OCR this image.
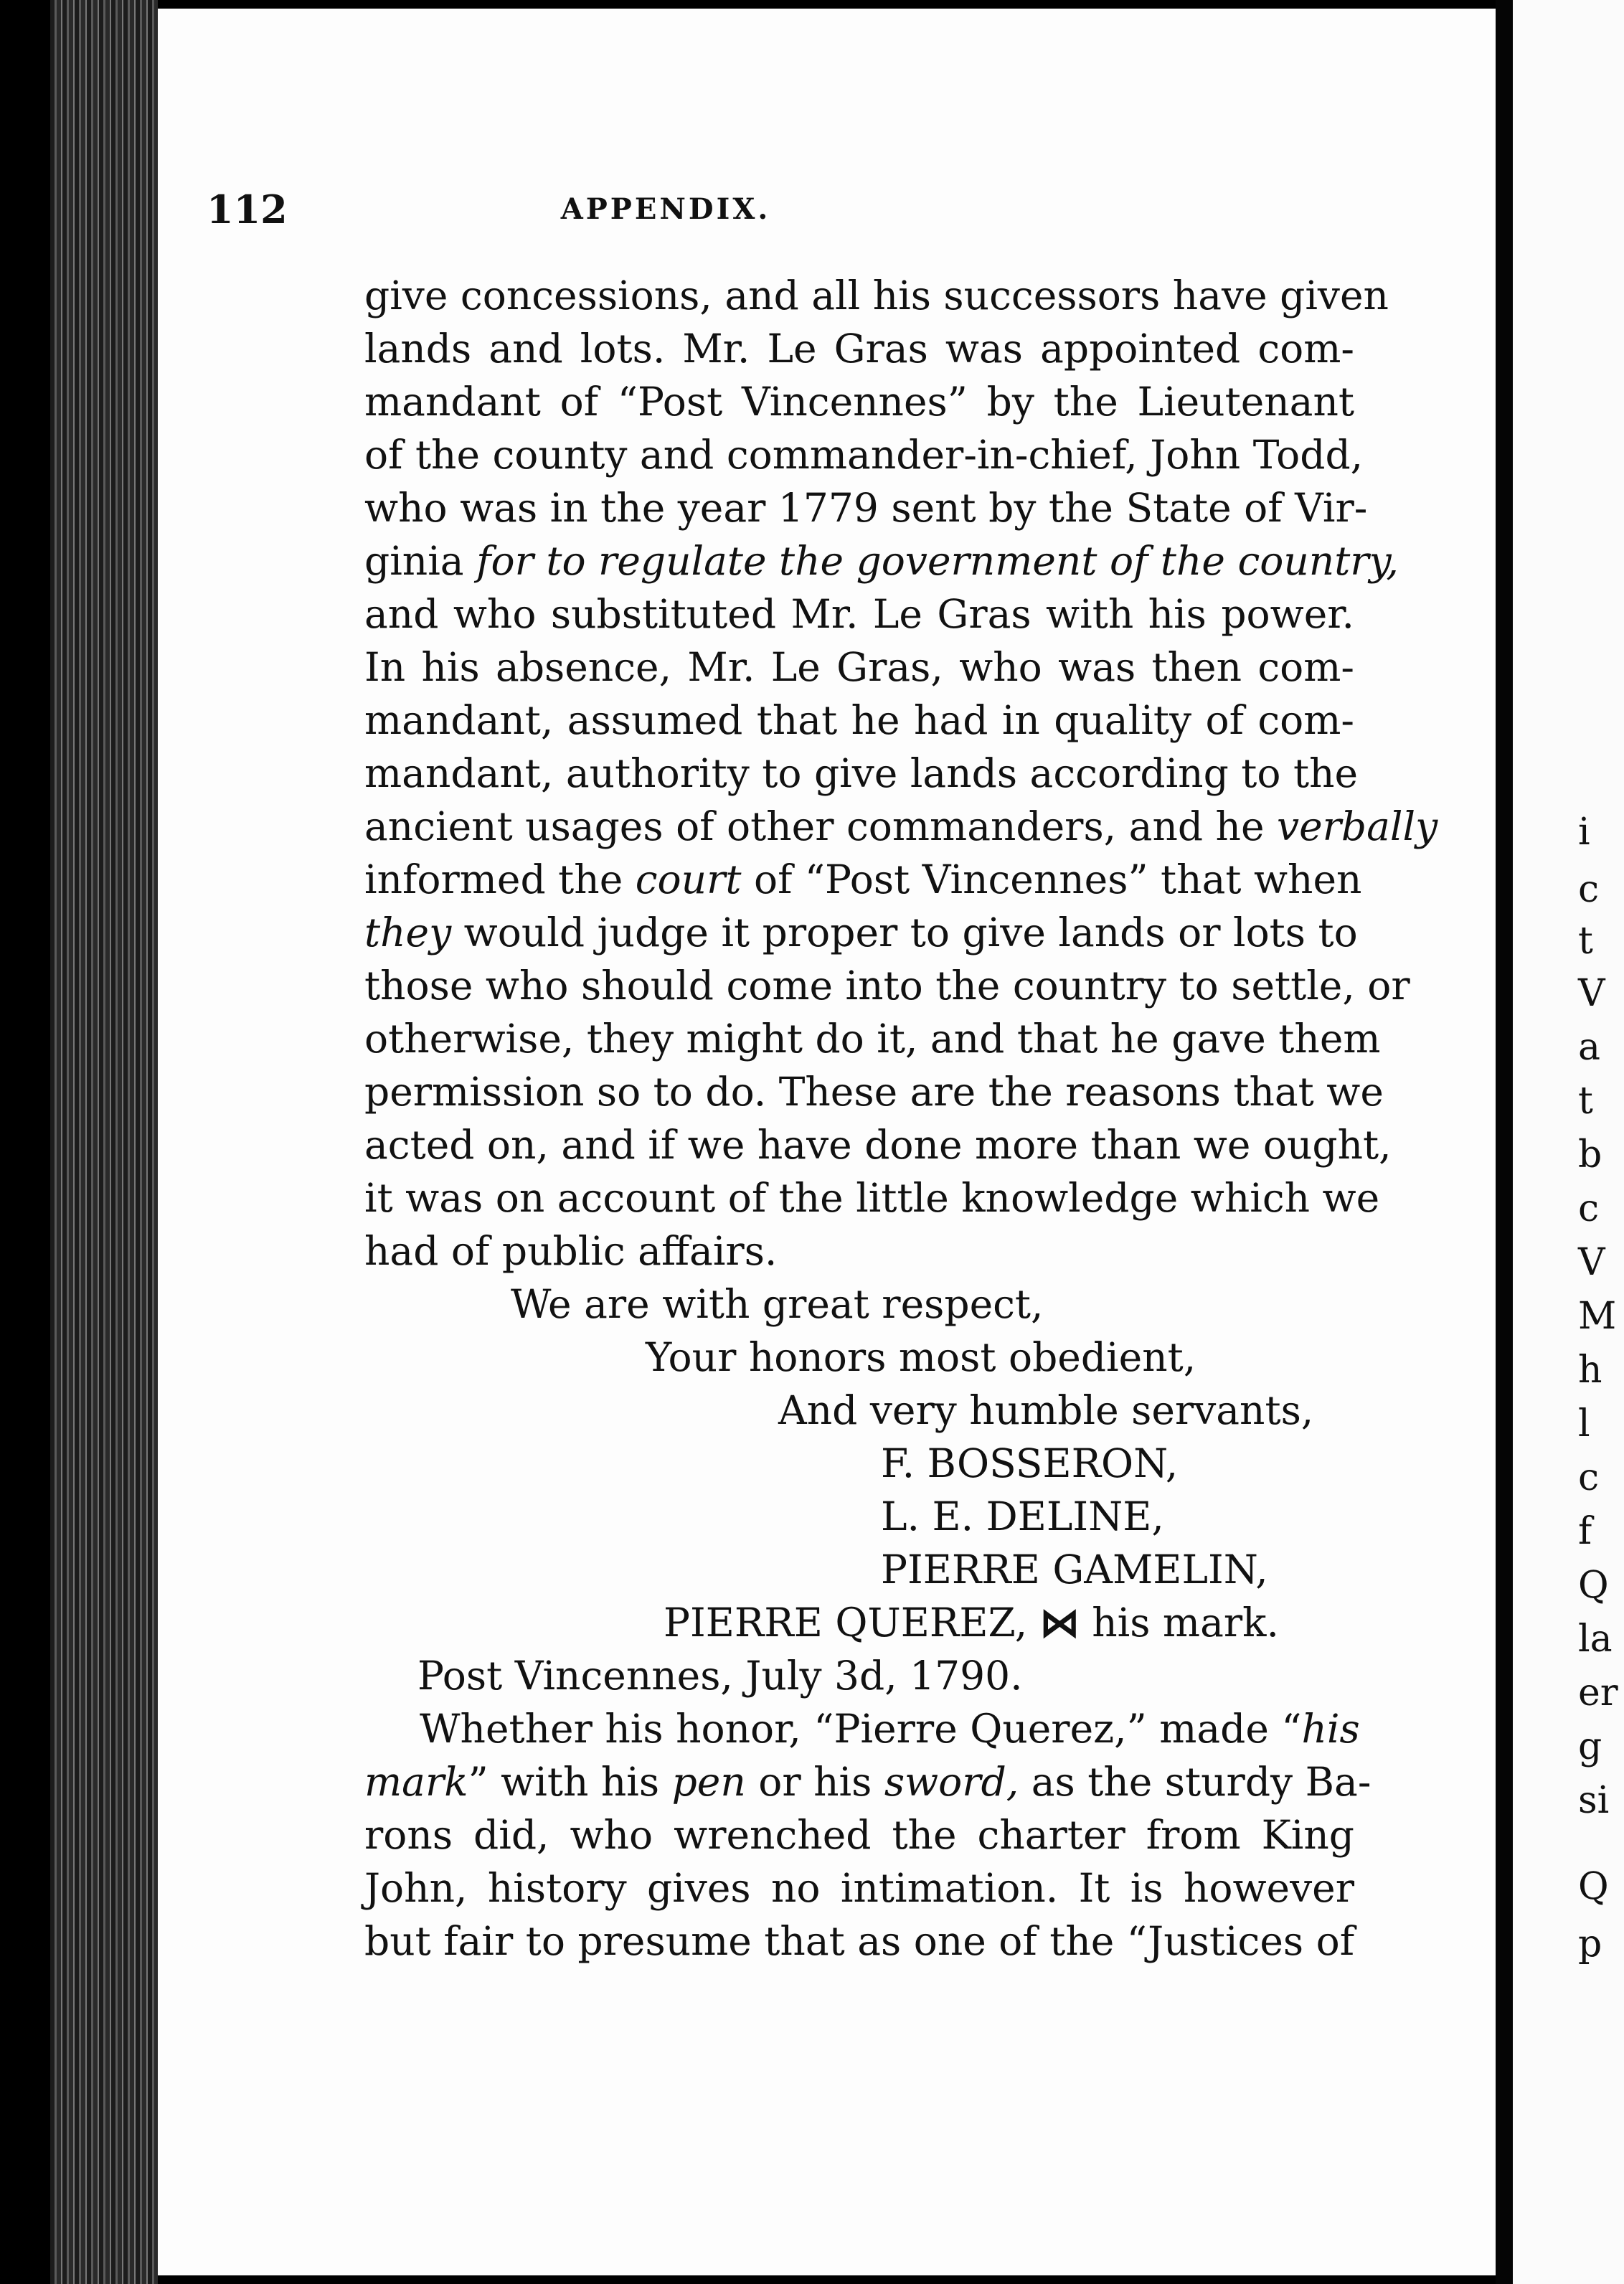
112	APPENDIX.
give concessions, and all his successors have given
lands and lots. Mr. Le Gras was appointed com-
mandant of “Post Vincennes” by the Lieutenant
of the county and commander-in-chief, John Todd,
who was in the year 1779 sent by the State of Vir-
ginia for to regulate the government of the country,
and who substituted Mr. Le Gras with his power.
In his absence, Mr. Le Gras, who was then com-
mandant, assumed that he had in quality of com-
mandant, authority to give lands according to the
ancient usages of other commanders, and he verbally
informed the court of “Post Vincennes” that when
they would judge it proper to give lands or lots to
those who should come into the country to settle, or
otherwise, they might do it, and that he gave them
permission so to do. These are the reasons that we
acted on, and if we have done more than we ought,
it was on account of the little knowledge which we
had of public affairs.
We are with great respect,
Your honors most obedient,
And very humble servants,
F. BOSSERON,
L. E. DELINE,
PIERRE GAMELIN,
PIERRE QUEREZ, ⋈ his mark.
Post Vincennes, July 3d, 1790.
Whether his honor, “Pierre Querez,” made “his
mark” with his pen or his sword, as the sturdy Ba-
rons did, who wrenched the charter from King
John, history gives no intimation. It is however
but fair to presume that as one of the “Justices of
i
c
t
V
a
t
b
c
V
M
h
l
c
f
Q
la
er
g
si
Q
p
